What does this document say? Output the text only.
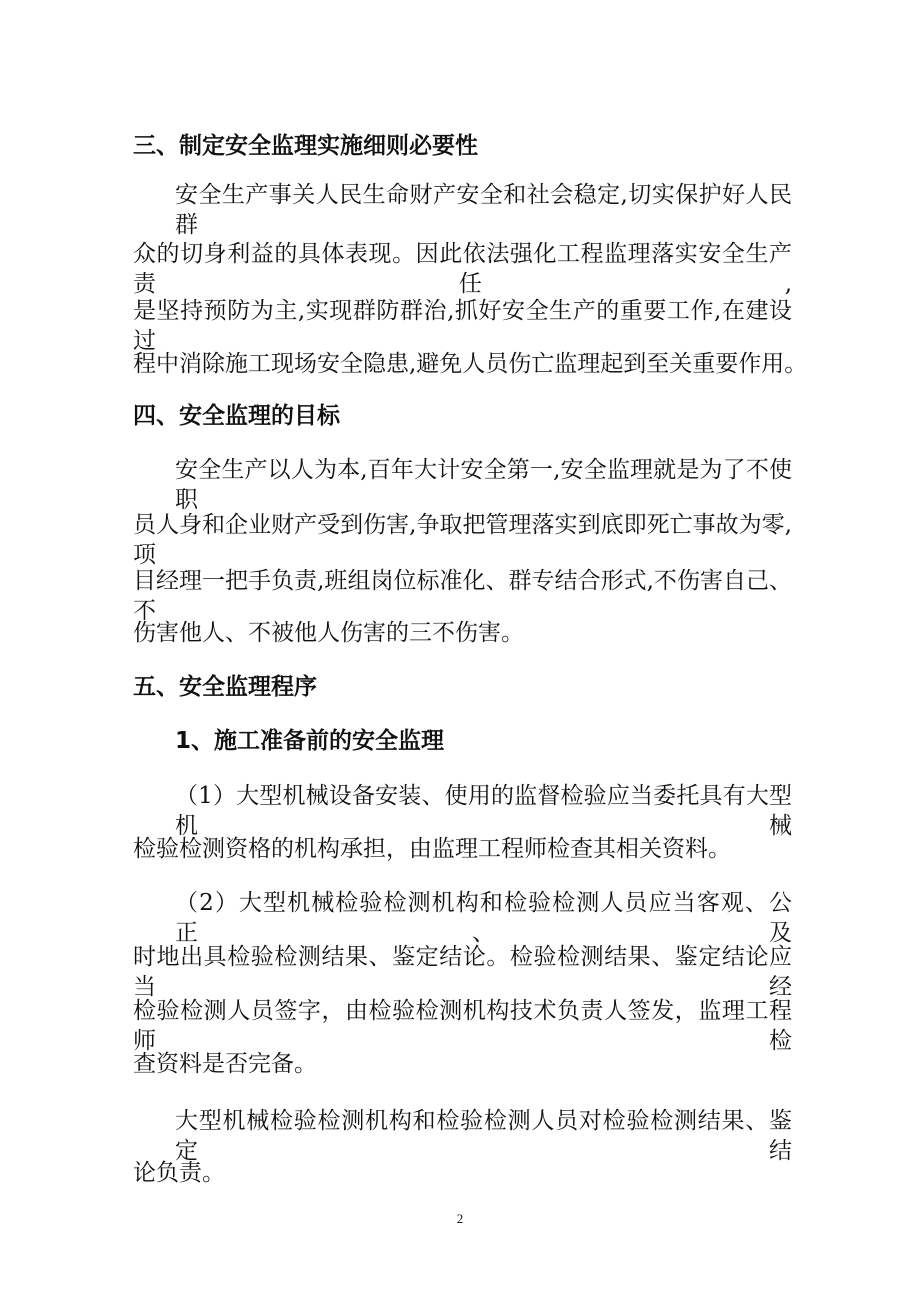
三、制定安全监理实施细则必要性
安全生产事关人民生命财产安全和社会稳定,切实保护好人民群
众的切身利益的具体表现。因此依法强化工程监理落实安全生产责任,
是坚持预防为主,实现群防群治,抓好安全生产的重要工作,在建设过
程中消除施工现场安全隐患,避免人员伤亡监理起到至关重要作用。
四、安全监理的目标
安全生产以人为本,百年大计安全第一,安全监理就是为了不使职
员人身和企业财产受到伤害,争取把管理落实到底即死亡事故为零,项
目经理一把手负责,班组岗位标准化、群专结合形式,不伤害自己、不
伤害他人、不被他人伤害的三不伤害。
五、安全监理程序
1、施工准备前的安全监理
（1）大型机械设备安装、使用的监督检验应当委托具有大型机械
检验检测资格的机构承担，由监理工程师检查其相关资料。
（2）大型机械检验检测机构和检验检测人员应当客观、公正、及
时地出具检验检测结果、鉴定结论。检验检测结果、鉴定结论应当经
检验检测人员签字，由检验检测机构技术负责人签发，监理工程师检
查资料是否完备。
大型机械检验检测机构和检验检测人员对检验检测结果、鉴定结
论负责。
2
